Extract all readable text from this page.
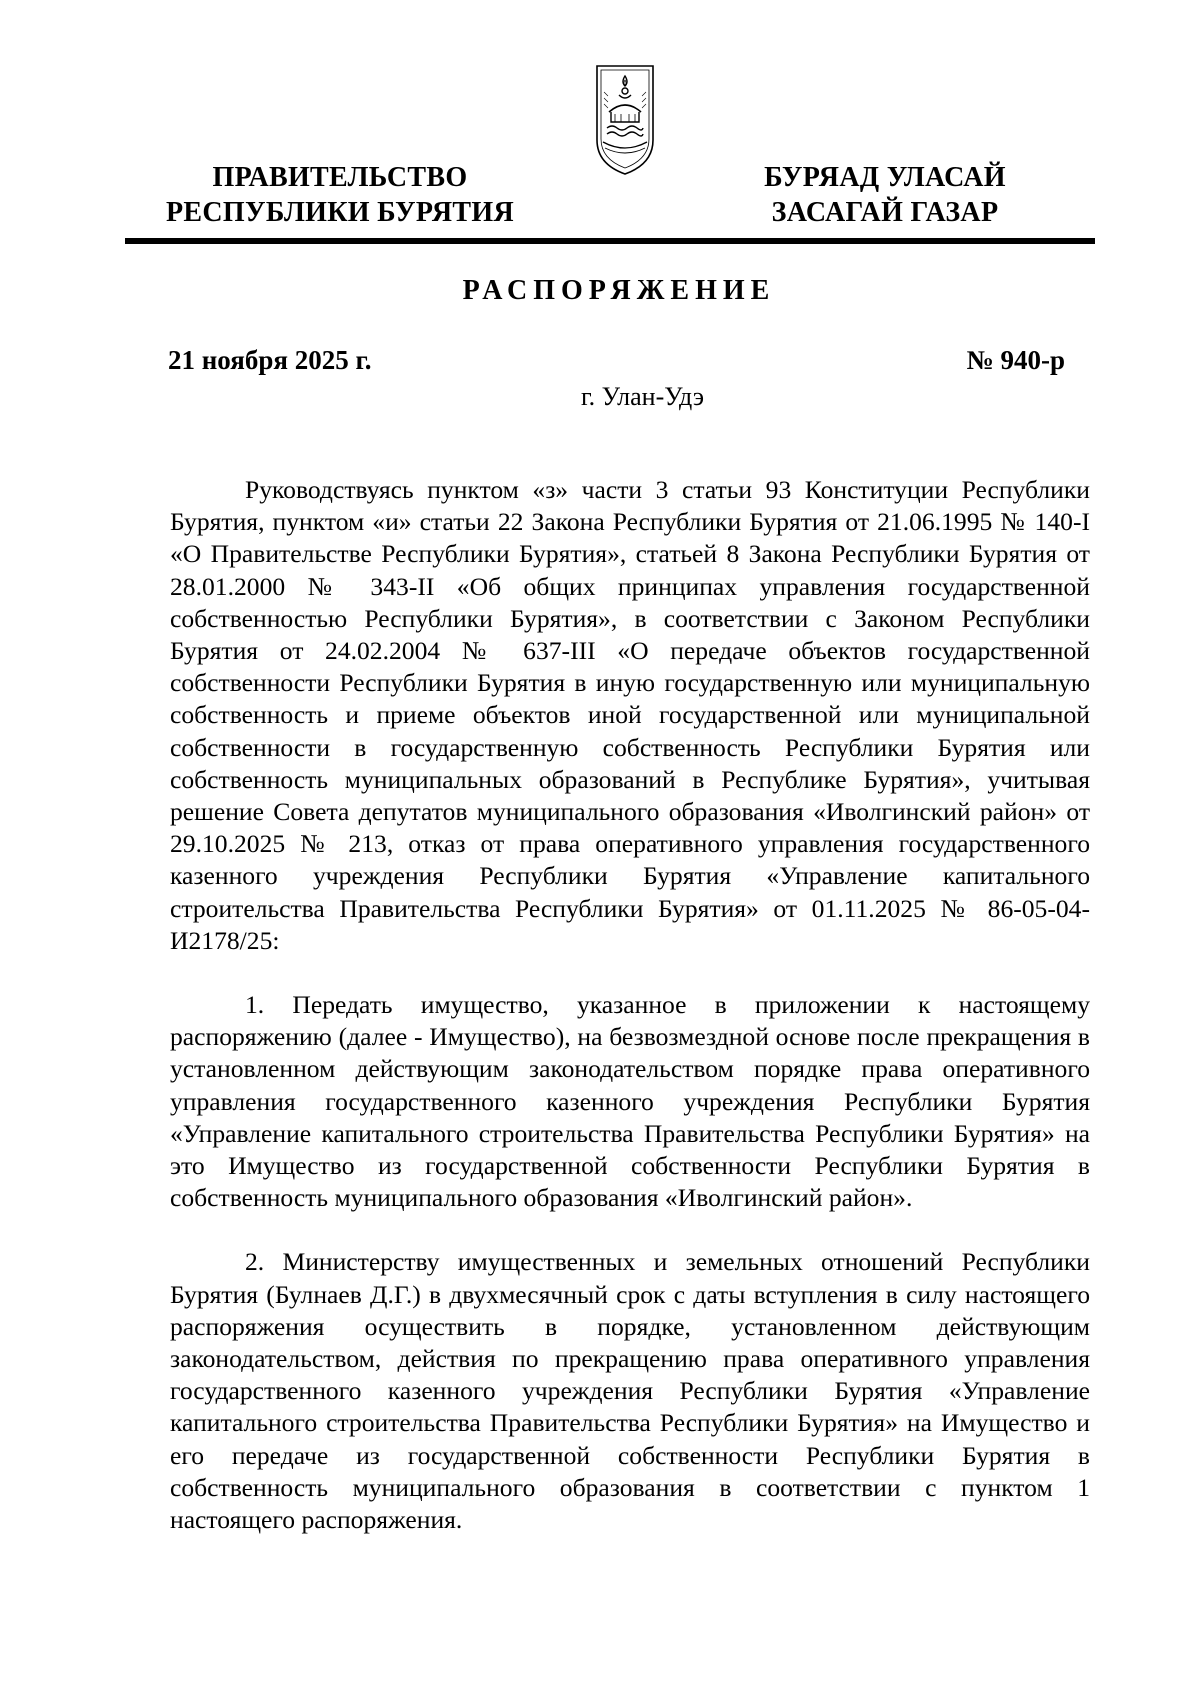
ПРАВИТЕЛЬСТВО
РЕСПУБЛИКИ БУРЯТИЯ
БУРЯАД УЛАСАЙ
ЗАСАГАЙ ГАЗАР
РАСПОРЯЖЕНИЕ
21 ноября 2025 г.	№ 940-р
г. Улан-Удэ

Руководствуясь пунктом «з» части 3 статьи 93 Конституции Республики Бурятия, пунктом «и» статьи 22 Закона Республики Бурятия от 21.06.1995 № 140-I «О Правительстве Республики Бурятия», статьей 8 Закона Республики Бурятия от 28.01.2000 № 343-II «Об общих принципах управления государственной собственностью Республики Бурятия», в соответствии с Законом Республики Бурятия от 24.02.2004 № 637-III «О передаче объектов государственной собственности Республики Бурятия в иную государственную или муниципальную собственность и приеме объектов иной государственной или муниципальной собственности в государственную собственность Республики Бурятия или собственность муниципальных образований в Республике Бурятия», учитывая решение Совета депутатов муниципального образования «Иволгинский район» от 29.10.2025 № 213, отказ от права оперативного управления государственного казенного учреждения Республики Бурятия «Управление капитального строительства Правительства Республики Бурятия» от 01.11.2025 № 86-05-04-И2178/25:

1. Передать имущество, указанное в приложении к настоящему распоряжению (далее - Имущество), на безвозмездной основе после прекращения в установленном действующим законодательством порядке права оперативного управления государственного казенного учреждения Республики Бурятия «Управление капитального строительства Правительства Республики Бурятия» на это Имущество из государственной собственности Республики Бурятия в собственность муниципального образования «Иволгинский район».

2. Министерству имущественных и земельных отношений Республики Бурятия (Булнаев Д.Г.) в двухмесячный срок с даты вступления в силу настоящего распоряжения осуществить в порядке, установленном действующим законодательством, действия по прекращению права оперативного управления государственного казенного учреждения Республики Бурятия «Управление капитального строительства Правительства Республики Бурятия» на Имущество и его передаче из государственной собственности Республики Бурятия в собственность муниципального образования в соответствии с пунктом 1 настоящего распоряжения.
